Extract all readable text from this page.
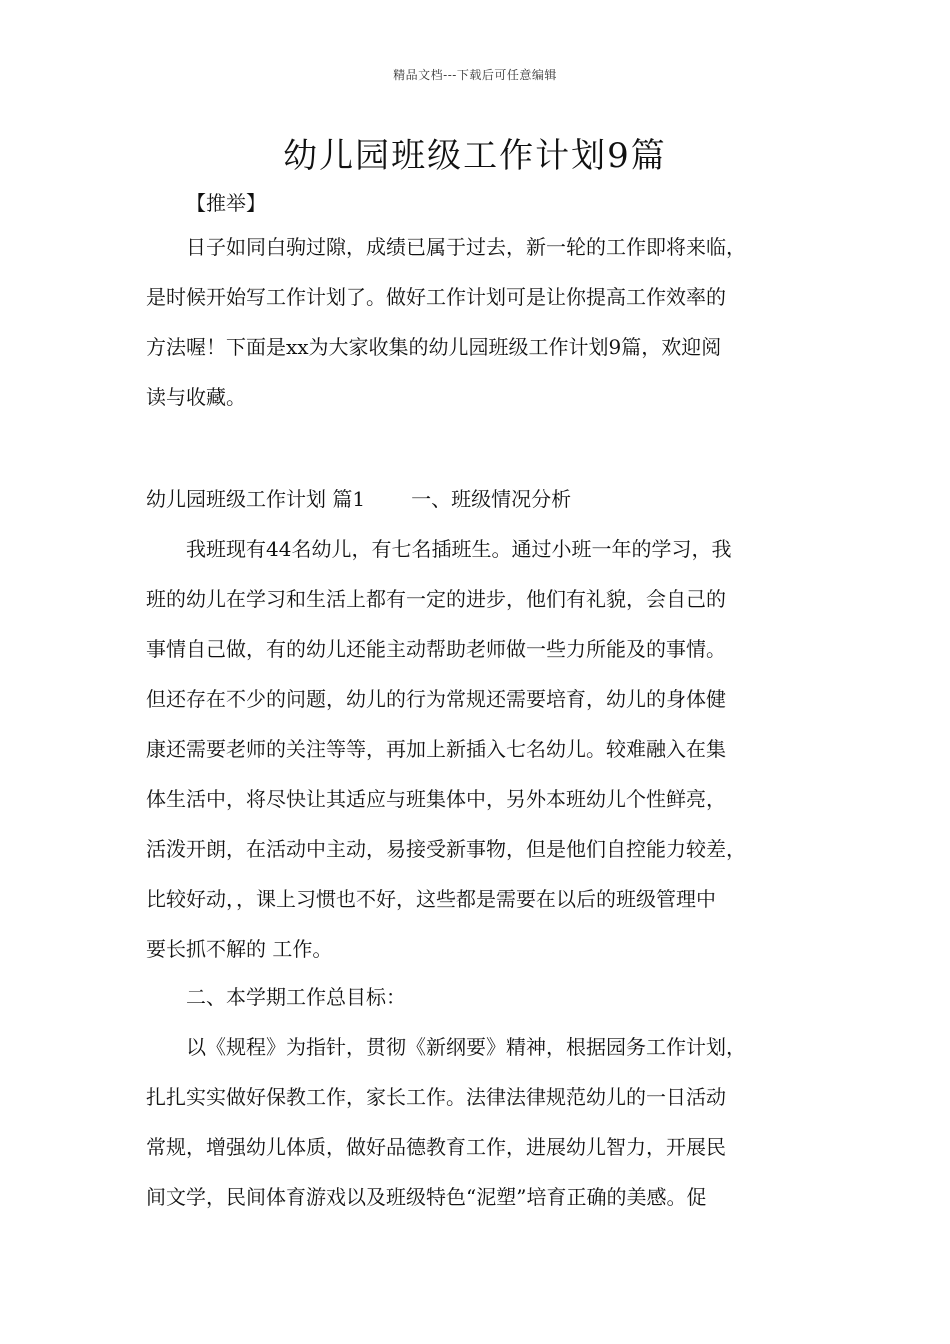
精品文档---下载后可任意编辑
幼儿园班级工作计划9篇

【推举】

日子如同白驹过隙，成绩已属于过去，新一轮的工作即将来临，
是时候开始写工作计划了。做好工作计划可是让你提高工作效率的
方法喔！下面是xx为大家收集的幼儿园班级工作计划9篇，欢迎阅
读与收藏。

幼儿园班级工作计划 篇1 一、班级情况分析

我班现有44名幼儿，有七名插班生。通过小班一年的学习，我
班的幼儿在学习和生活上都有一定的进步，他们有礼貌，会自己的
事情自己做，有的幼儿还能主动帮助老师做一些力所能及的事情。
但还存在不少的问题，幼儿的行为常规还需要培育，幼儿的身体健
康还需要老师的关注等等，再加上新插入七名幼儿。较难融入在集
体生活中，将尽快让其适应与班集体中，另外本班幼儿个性鲜亮，
活泼开朗，在活动中主动，易接受新事物，但是他们自控能力较差，
比较好动，，课上习惯也不好，这些都是需要在以后的班级管理中
要长抓不解的 工作。

二、本学期工作总目标：

以《规程》为指针，贯彻《新纲要》精神，根据园务工作计划，
扎扎实实做好保教工作，家长工作。法律法律规范幼儿的一日活动
常规，增强幼儿体质，做好品德教育工作，进展幼儿智力，开展民
间文学，民间体育游戏以及班级特色“泥塑”培育正确的美感。促
